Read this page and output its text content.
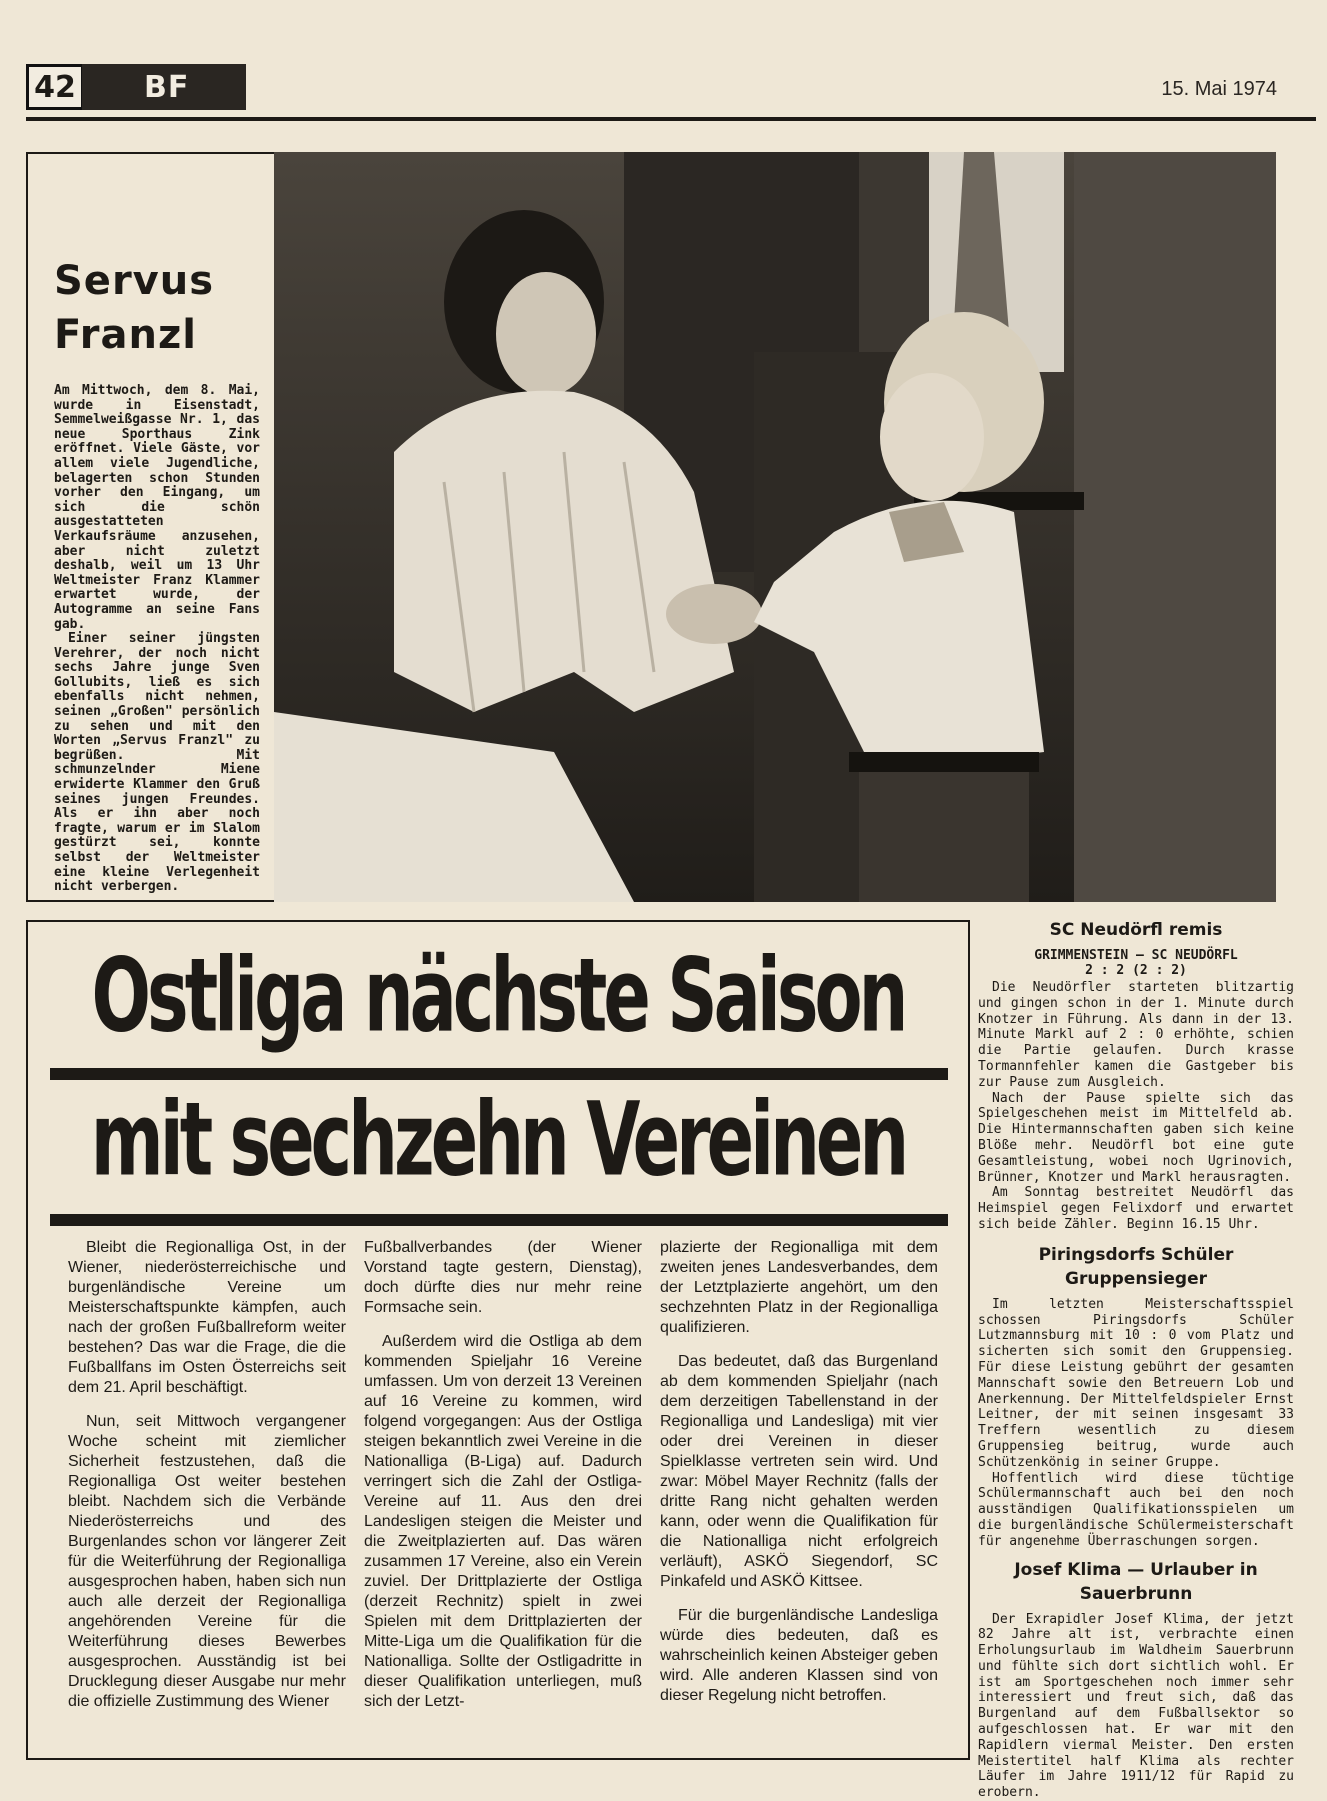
42	BF	15. Mai 1974
Servus
Franzl

Am Mittwoch, dem 8. Mai, wurde in Eisenstadt, Semmelweißgasse Nr. 1, das neue Sporthaus Zink eröffnet. Viele Gäste, vor allem viele Jugendliche, belagerten schon Stunden vorher den Eingang, um sich die schön ausgestatteten Verkaufsräume anzusehen, aber nicht zuletzt deshalb, weil um 13 Uhr Weltmeister Franz Klammer erwartet wurde, der Autogramme an seine Fans gab.

Einer seiner jüngsten Verehrer, der noch nicht sechs Jahre junge Sven Gollubits, ließ es sich ebenfalls nicht nehmen, seinen „Großen" persönlich zu sehen und mit den Worten „Servus Franzl" zu begrüßen. Mit schmunzelnder Miene erwiderte Klammer den Gruß seines jungen Freundes. Als er ihn aber noch fragte, warum er im Slalom gestürzt sei, konnte selbst der Weltmeister eine kleine Verlegenheit nicht verbergen.

Ostliga nächste Saison
mit sechzehn Vereinen

Bleibt die Regionalliga Ost, in der Wiener, niederösterreichische und burgenländische Vereine um Meisterschaftspunkte kämpfen, auch nach der großen Fußballreform weiter bestehen? Das war die Frage, die die Fußballfans im Osten Österreichs seit dem 21. April beschäftigt.

Nun, seit Mittwoch vergangener Woche scheint mit ziemlicher Sicherheit festzustehen, daß die Regionalliga Ost weiter bestehen bleibt. Nachdem sich die Verbände Niederösterreichs und des Burgenlandes schon vor längerer Zeit für die Weiterführung der Regionalliga ausgesprochen haben, haben sich nun auch alle derzeit der Regionalliga angehörenden Vereine für die Weiterführung dieses Bewerbes ausgesprochen. Ausständig ist bei Drucklegung dieser Ausgabe nur mehr die offizielle Zustimmung des Wiener

Fußballverbandes (der Wiener Vorstand tagte gestern, Dienstag), doch dürfte dies nur mehr reine Formsache sein.

Außerdem wird die Ostliga ab dem kommenden Spieljahr 16 Vereine umfassen. Um von derzeit 13 Vereinen auf 16 Vereine zu kommen, wird folgend vorgegangen: Aus der Ostliga steigen bekanntlich zwei Vereine in die Nationalliga (B-Liga) auf. Dadurch verringert sich die Zahl der Ostliga-Vereine auf 11. Aus den drei Landesligen steigen die Meister und die Zweitplazierten auf. Das wären zusammen 17 Vereine, also ein Verein zuviel. Der Drittplazierte der Ostliga (derzeit Rechnitz) spielt in zwei Spielen mit dem Drittplazierten der Mitte-Liga um die Qualifikation für die Nationalliga. Sollte der Ostligadritte in dieser Qualifikation unterliegen, muß sich der Letzt-

plazierte der Regionalliga mit dem zweiten jenes Landesverbandes, dem der Letztplazierte angehört, um den sechzehnten Platz in der Regionalliga qualifizieren.

Das bedeutet, daß das Burgenland ab dem kommenden Spieljahr (nach dem derzeitigen Tabellenstand in der Regionalliga und Landesliga) mit vier oder drei Vereinen in dieser Spielklasse vertreten sein wird. Und zwar: Möbel Mayer Rechnitz (falls der dritte Rang nicht gehalten werden kann, oder wenn die Qualifikation für die Nationalliga nicht erfolgreich verläuft), ASKÖ Siegendorf, SC Pinkafeld und ASKÖ Kittsee.

Für die burgenländische Landesliga würde dies bedeuten, daß es wahrscheinlich keinen Absteiger geben wird. Alle anderen Klassen sind von dieser Regelung nicht betroffen.

SC Neudörfl remis
GRIMMENSTEIN — SC NEUDÖRFL
2 : 2 (2 : 2)

Die Neudörfler starteten blitzartig und gingen schon in der 1. Minute durch Knotzer in Führung. Als dann in der 13. Minute Markl auf 2 : 0 erhöhte, schien die Partie gelaufen. Durch krasse Tormannfehler kamen die Gastgeber bis zur Pause zum Ausgleich.

Nach der Pause spielte sich das Spielgeschehen meist im Mittelfeld ab. Die Hintermannschaften gaben sich keine Blöße mehr. Neudörfl bot eine gute Gesamtleistung, wobei noch Ugrinovich, Brünner, Knotzer und Markl herausragten.

Am Sonntag bestreitet Neudörfl das Heimspiel gegen Felixdorf und erwartet sich beide Zähler. Beginn 16.15 Uhr.

Piringsdorfs Schüler
Gruppensieger

Im letzten Meisterschaftsspiel schossen Piringsdorfs Schüler Lutzmannsburg mit 10 : 0 vom Platz und sicherten sich somit den Gruppensieg. Für diese Leistung gebührt der gesamten Mannschaft sowie den Betreuern Lob und Anerkennung. Der Mittelfeldspieler Ernst Leitner, der mit seinen insgesamt 33 Treffern wesentlich zu diesem Gruppensieg beitrug, wurde auch Schützenkönig in seiner Gruppe.

Hoffentlich wird diese tüchtige Schülermannschaft auch bei den noch ausständigen Qualifikationsspielen um die burgenländische Schülermeisterschaft für angenehme Überraschungen sorgen.

Josef Klima — Urlauber in
Sauerbrunn

Der Exrapidler Josef Klima, der jetzt 82 Jahre alt ist, verbrachte einen Erholungsurlaub im Waldheim Sauerbrunn und fühlte sich dort sichtlich wohl. Er ist am Sportgeschehen noch immer sehr interessiert und freut sich, daß das Burgenland auf dem Fußballsektor so aufgeschlossen hat. Er war mit den Rapidlern viermal Meister. Den ersten Meistertitel half Klima als rechter Läufer im Jahre 1911/12 für Rapid zu erobern.
